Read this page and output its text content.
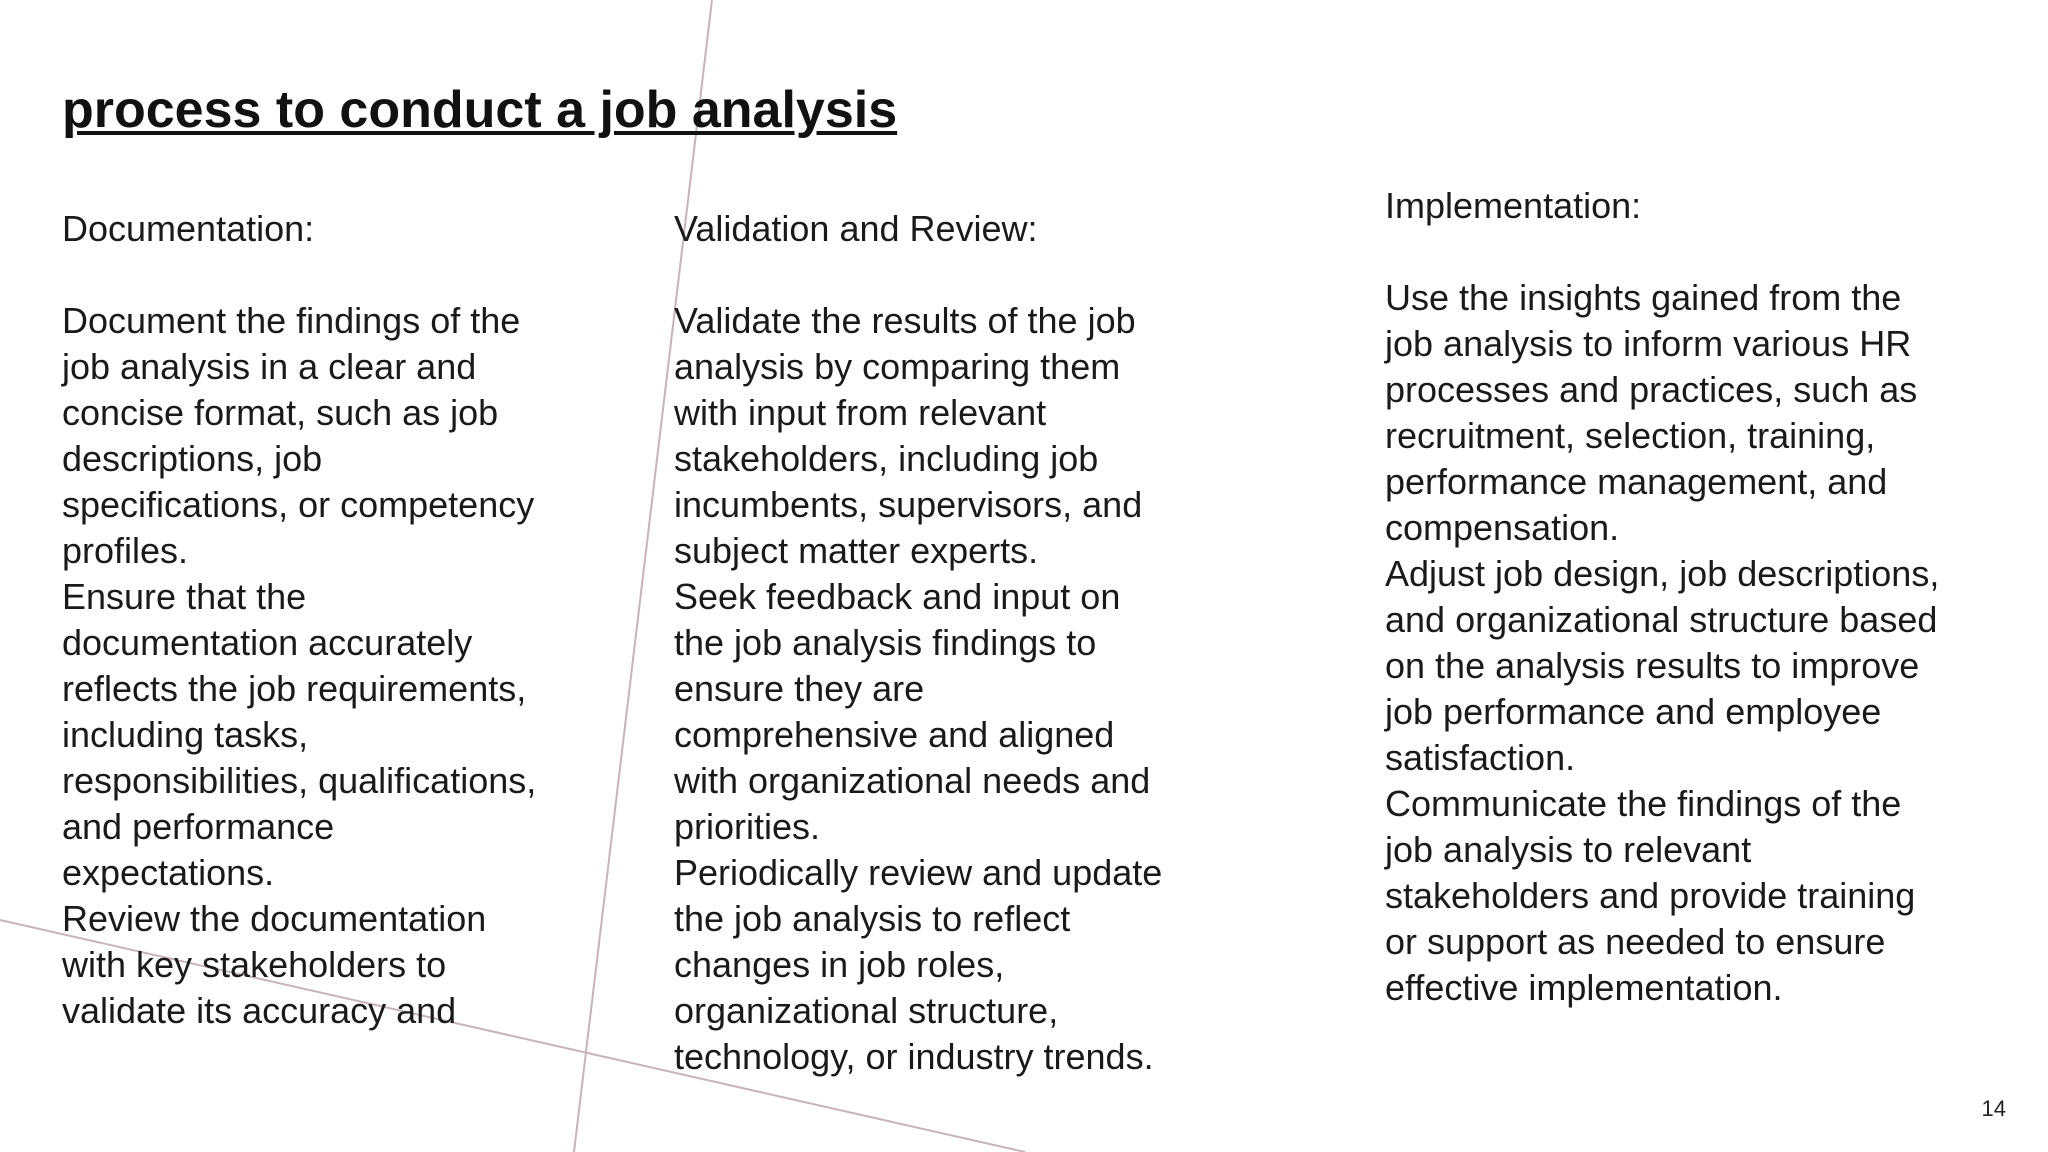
process to conduct a job analysis

Documentation:

Document the findings of the job analysis in a clear and concise format, such as job descriptions, job specifications, or competency profiles.

Ensure that the documentation accurately reflects the job requirements, including tasks, responsibilities, qualifications, and performance expectations.

Review the documentation with key stakeholders to validate its accuracy and

Validation and Review:

Validate the results of the job analysis by comparing them with input from relevant stakeholders, including job incumbents, supervisors, and subject matter experts.

Seek feedback and input on the job analysis findings to ensure they are comprehensive and aligned with organizational needs and priorities.

Periodically review and update the job analysis to reflect changes in job roles, organizational structure, technology, or industry trends.

Implementation:

Use the insights gained from the job analysis to inform various HR processes and practices, such as recruitment, selection, training, performance management, and compensation.

Adjust job design, job descriptions, and organizational structure based on the analysis results to improve job performance and employee satisfaction.

Communicate the findings of the job analysis to relevant stakeholders and provide training or support as needed to ensure effective implementation.

14
